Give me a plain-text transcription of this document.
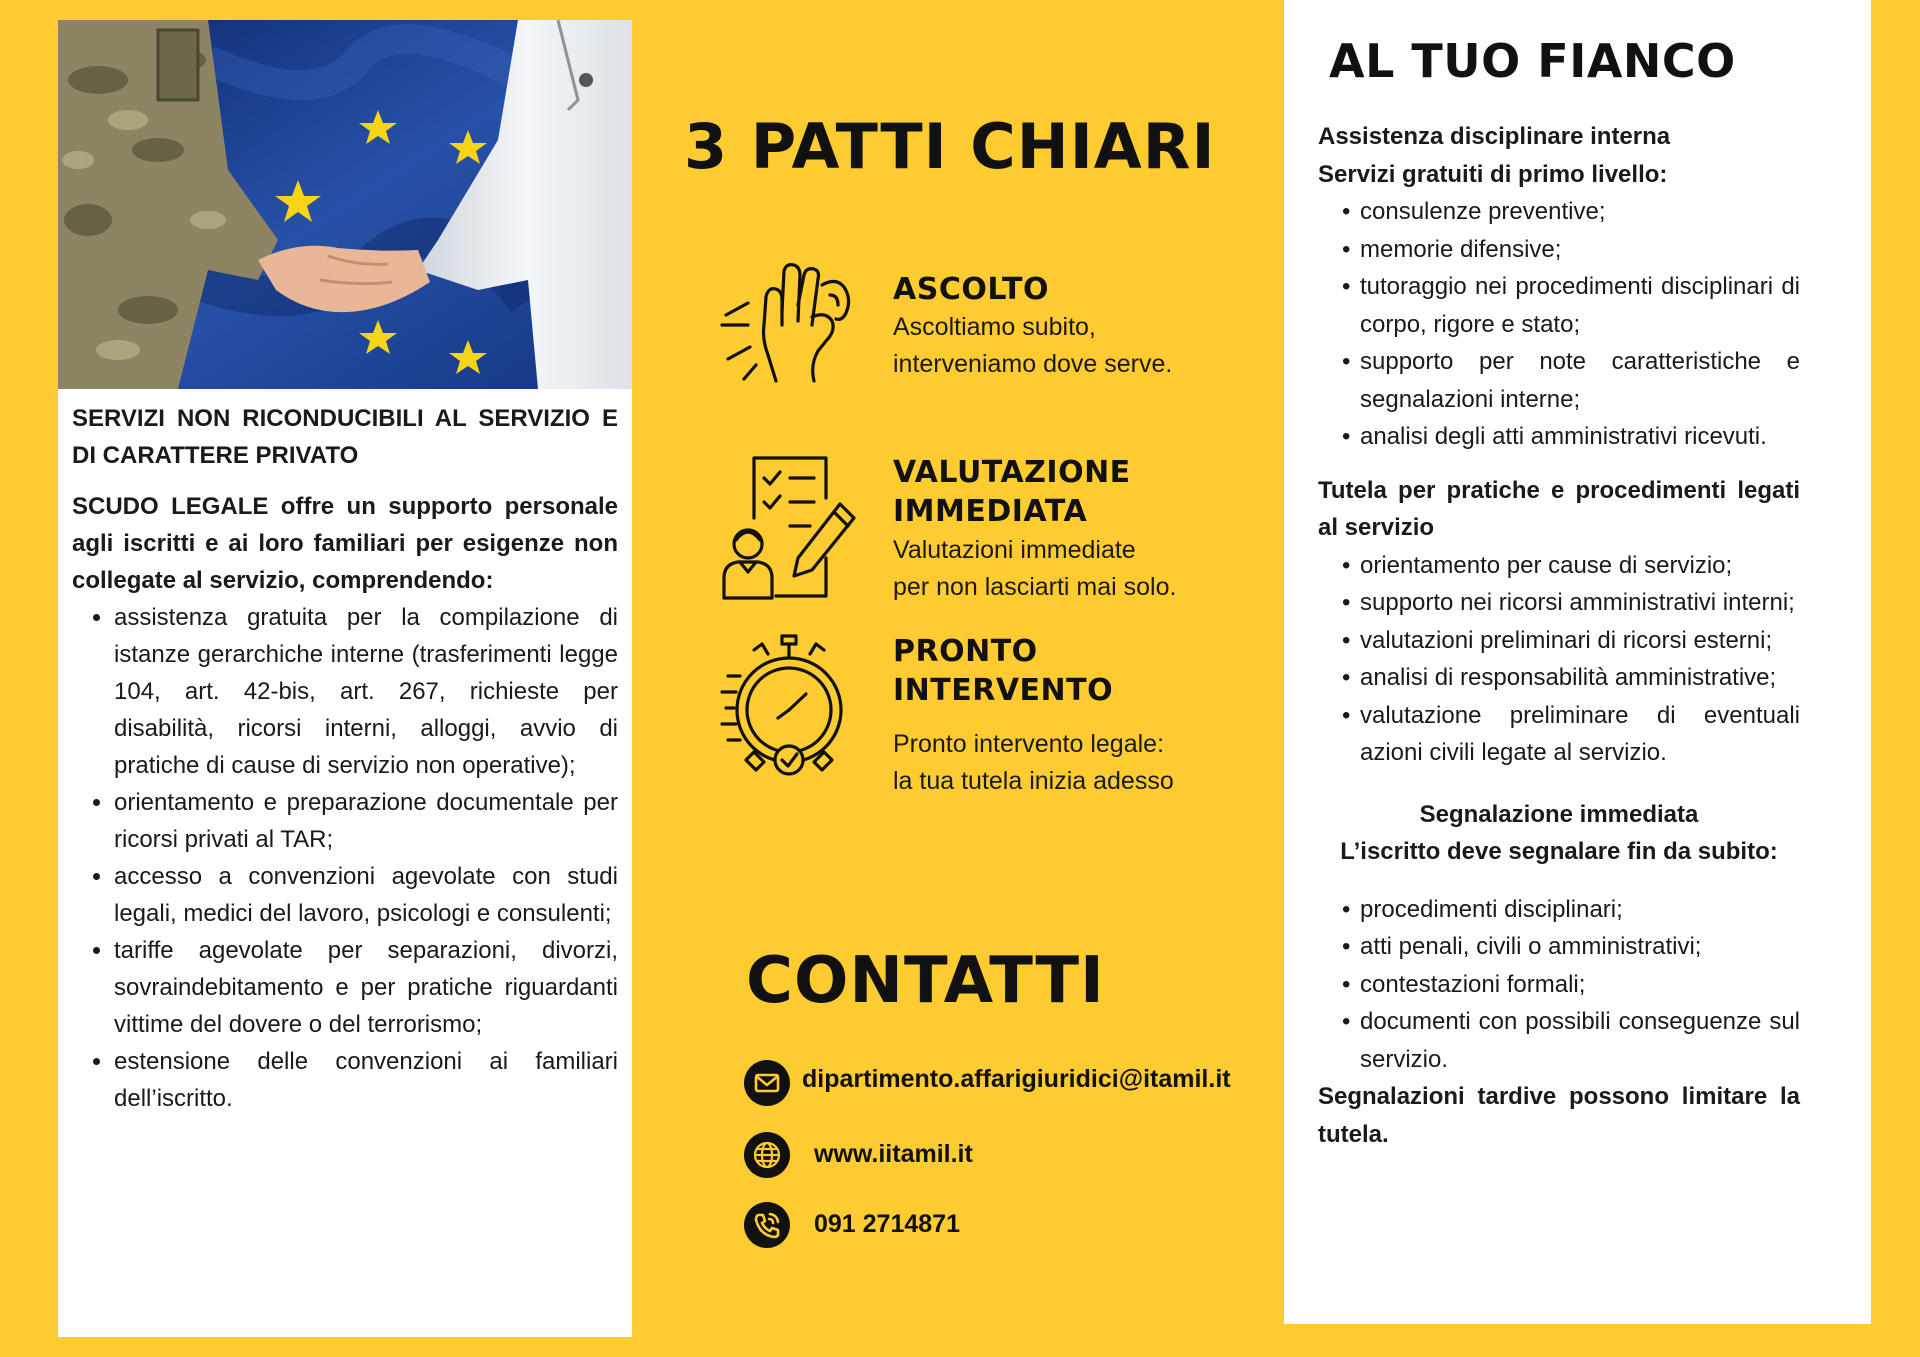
SERVIZI NON RICONDUCIBILI AL SERVIZIO E DI CARATTERE PRIVATO

SCUDO LEGALE offre un supporto personale agli iscritti e ai loro familiari per esigenze non collegate al servizio, comprendendo:

• assistenza gratuita per la compilazione di istanze gerarchiche interne (trasferimenti legge 104, art. 42-bis, art. 267, richieste per disabilità, ricorsi interni, alloggi, avvio di pratiche di cause di servizio non operative);
• orientamento e preparazione documentale per ricorsi privati al TAR;
• accesso a convenzioni agevolate con studi legali, medici del lavoro, psicologi e consulenti;
• tariffe agevolate per separazioni, divorzi, sovraindebitamento e per pratiche riguardanti vittime del dovere o del terrorismo;
• estensione delle convenzioni ai familiari dell’iscritto.
3 PATTI CHIARI

ASCOLTO

Ascoltiamo subito,
interveniamo dove serve.

VALUTAZIONE
IMMEDIATA

Valutazioni immediate
per non lasciarti mai solo.

PRONTO
INTERVENTO

Pronto intervento legale:
la tua tutela inizia adesso

CONTATTI
dipartimento.affarigiuridici@itamil.it
www.iitamil.it
091 2714871
AL TUO FIANCO

Assistenza disciplinare interna
Servizi gratuiti di primo livello:

• consulenze preventive;
• memorie difensive;
• tutoraggio nei procedimenti disciplinari di corpo, rigore e stato;
• supporto per note caratteristiche e segnalazioni interne;
• analisi degli atti amministrativi ricevuti.

Tutela per pratiche e procedimenti legati al servizio

• orientamento per cause di servizio;
• supporto nei ricorsi amministrativi interni;
• valutazioni preliminari di ricorsi esterni;
• analisi di responsabilità amministrative;
• valutazione preliminare di eventuali azioni civili legate al servizio.

Segnalazione immediata
L’iscritto deve segnalare fin da subito:

• procedimenti disciplinari;
• atti penali, civili o amministrativi;
• contestazioni formali;
• documenti con possibili conseguenze sul servizio.

Segnalazioni tardive possono limitare la tutela.
